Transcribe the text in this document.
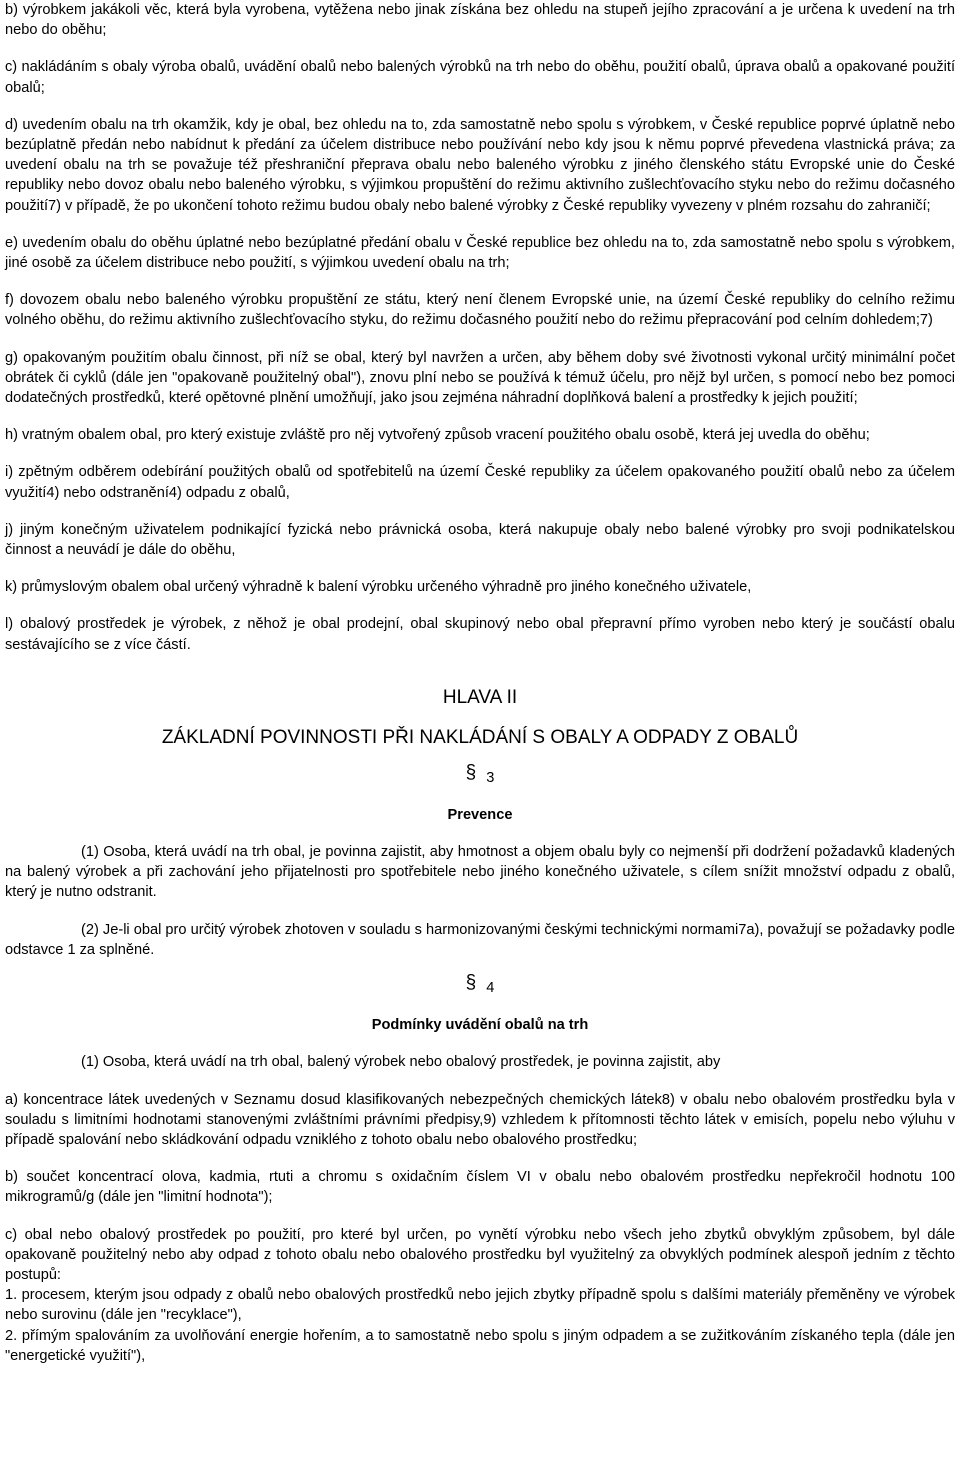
b) výrobkem jakákoli věc, která byla vyrobena, vytěžena nebo jinak získána bez ohledu na stupeň jejího zpracování a je určena k uvedení na trh nebo do oběhu;

c) nakládáním s obaly výroba obalů, uvádění obalů nebo balených výrobků na trh nebo do oběhu, použití obalů, úprava obalů a opakované použití obalů;

d) uvedením obalu na trh okamžik, kdy je obal, bez ohledu na to, zda samostatně nebo spolu s výrobkem, v České republice poprvé úplatně nebo bezúplatně předán nebo nabídnut k předání za účelem distribuce nebo používání nebo kdy jsou k němu poprvé převedena vlastnická práva; za uvedení obalu na trh se považuje též přeshraniční přeprava obalu nebo baleného výrobku z jiného členského státu Evropské unie do České republiky nebo dovoz obalu nebo baleného výrobku, s výjimkou propuštění do režimu aktivního zušlechťovacího styku nebo do režimu dočasného použití7) v případě, že po ukončení tohoto režimu budou obaly nebo balené výrobky z České republiky vyvezeny v plném rozsahu do zahraničí;

e) uvedením obalu do oběhu úplatné nebo bezúplatné předání obalu v České republice bez ohledu na to, zda samostatně nebo spolu s výrobkem, jiné osobě za účelem distribuce nebo použití, s výjimkou uvedení obalu na trh;

f) dovozem obalu nebo baleného výrobku propuštění ze státu, který není členem Evropské unie, na území České republiky do celního režimu volného oběhu, do režimu aktivního zušlechťovacího styku, do režimu dočasného použití nebo do režimu přepracování pod celním dohledem;7)

g) opakovaným použitím obalu činnost, při níž se obal, který byl navržen a určen, aby během doby své životnosti vykonal určitý minimální počet obrátek či cyklů (dále jen "opakovaně použitelný obal"), znovu plní nebo se používá k témuž účelu, pro nějž byl určen, s pomocí nebo bez pomoci dodatečných prostředků, které opětovné plnění umožňují, jako jsou zejména náhradní doplňková balení a prostředky k jejich použití;

h) vratným obalem obal, pro který existuje zvláště pro něj vytvořený způsob vracení použitého obalu osobě, která jej uvedla do oběhu;

i) zpětným odběrem odebírání použitých obalů od spotřebitelů na území České republiky za účelem opakovaného použití obalů nebo za účelem využití4) nebo odstranění4) odpadu z obalů,

j) jiným konečným uživatelem podnikající fyzická nebo právnická osoba, která nakupuje obaly nebo balené výrobky pro svoji podnikatelskou činnost a neuvádí je dále do oběhu,

k) průmyslovým obalem obal určený výhradně k balení výrobku určeného výhradně pro jiného konečného uživatele,

l) obalový prostředek je výrobek, z něhož je obal prodejní, obal skupinový nebo obal přepravní přímo vyroben nebo který je součástí obalu sestávajícího se z více částí.

HLAVA II

ZÁKLADNÍ POVINNOSTI PŘI NAKLÁDÁNÍ S OBALY A ODPADY Z OBALŮ

§ 3

Prevence

(1) Osoba, která uvádí na trh obal, je povinna zajistit, aby hmotnost a objem obalu byly co nejmenší při dodržení požadavků kladených na balený výrobek a při zachování jeho přijatelnosti pro spotřebitele nebo jiného konečného uživatele, s cílem snížit množství odpadu z obalů, který je nutno odstranit.

(2) Je-li obal pro určitý výrobek zhotoven v souladu s harmonizovanými českými technickými normami7a), považují se požadavky podle odstavce 1 za splněné.

§ 4

Podmínky uvádění obalů na trh

(1) Osoba, která uvádí na trh obal, balený výrobek nebo obalový prostředek, je povinna zajistit, aby

a) koncentrace látek uvedených v Seznamu dosud klasifikovaných nebezpečných chemických látek8) v obalu nebo obalovém prostředku byla v souladu s limitními hodnotami stanovenými zvláštními právními předpisy,9) vzhledem k přítomnosti těchto látek v emisích, popelu nebo výluhu v případě spalování nebo skládkování odpadu vzniklého z tohoto obalu nebo obalového prostředku;

b) součet koncentrací olova, kadmia, rtuti a chromu s oxidačním číslem VI v obalu nebo obalovém prostředku nepřekročil hodnotu 100 mikrogramů/g (dále jen "limitní hodnota");

c) obal nebo obalový prostředek po použití, pro které byl určen, po vynětí výrobku nebo všech jeho zbytků obvyklým způsobem, byl dále opakovaně použitelný nebo aby odpad z tohoto obalu nebo obalového prostředku byl využitelný za obvyklých podmínek alespoň jedním z těchto postupů:

1. procesem, kterým jsou odpady z obalů nebo obalových prostředků nebo jejich zbytky případně spolu s dalšími materiály přeměněny ve výrobek nebo surovinu (dále jen "recyklace"),

2. přímým spalováním za uvolňování energie hořením, a to samostatně nebo spolu s jiným odpadem a se zužitkováním získaného tepla (dále jen "energetické využití"),
